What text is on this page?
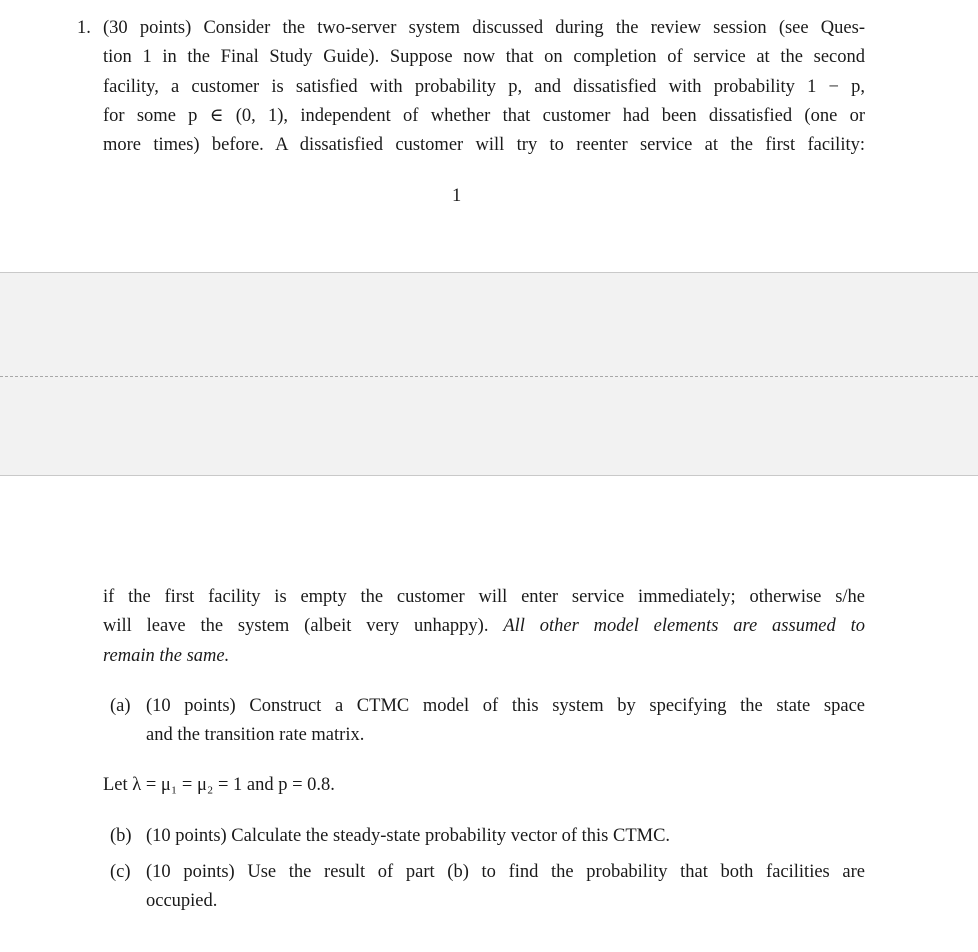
1. (30 points) Consider the two-server system discussed during the review session (see Ques-
tion 1 in the Final Study Guide). Suppose now that on completion of service at the second
facility, a customer is satisfied with probability p, and dissatisfied with probability 1 − p,
for some p ∈ (0, 1), independent of whether that customer had been dissatisfied (one or
more times) before. A dissatisfied customer will try to reenter service at the first facility:
1
if the first facility is empty the customer will enter service immediately; otherwise s/he
will leave the system (albeit very unhappy). All other model elements are assumed to
remain the same.
(a) (10 points) Construct a CTMC model of this system by specifying the state space
and the transition rate matrix.
Let λ = μ₁ = μ₂ = 1 and p = 0.8.
(b) (10 points) Calculate the steady-state probability vector of this CTMC.
(c) (10 points) Use the result of part (b) to find the probability that both facilities are
occupied.
